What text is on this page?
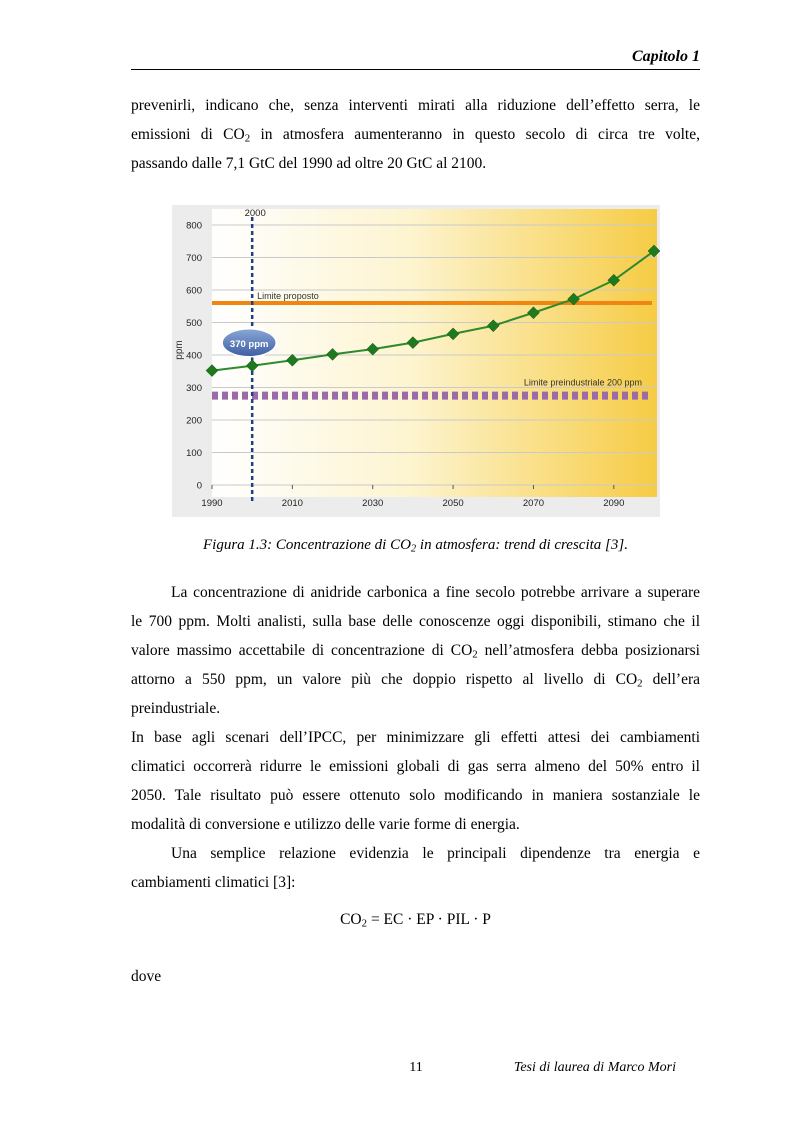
Capitolo 1
prevenirli, indicano che, senza interventi mirati alla riduzione dell’effetto serra, le
emissioni di $CO_2$ in atmosfera aumenteranno in questo secolo di circa tre volte,
passando dalle 7,1 GtC del 1990 ad oltre 20 GtC al 2100.
0
100
200
300
400
500
600
700
800
1990	2010	2030	2050	2070	2090
Limite proposto
Limite preindustriale 200 ppm
2000
370 ppm
ppm
Figura 1.3: Concentrazione di $CO_2$ in atmosfera: trend di crescita [3].
La concentrazione di anidride carbonica a fine secolo potrebbe arrivare a superare
le 700 ppm. Molti analisti, sulla base delle conoscenze oggi disponibili, stimano che il
valore massimo accettabile di concentrazione di $CO_2$ nell’atmosfera debba posizionarsi
attorno a 550 ppm, un valore più che doppio rispetto al livello di $CO_2$ dell’era
preindustriale.
In base agli scenari dell’IPCC, per minimizzare gli effetti attesi dei cambiamenti
climatici occorrerà ridurre le emissioni globali di gas serra almeno del 50% entro il
2050. Tale risultato può essere ottenuto solo modificando in maniera sostanziale le
modalità di conversione e utilizzo delle varie forme di energia.
Una semplice relazione evidenzia le principali dipendenze tra energia e
cambiamenti climatici [3]:
$CO_2$ = EC · EP · PIL · P
dove
11	Tesi di laurea di Marco Mori
